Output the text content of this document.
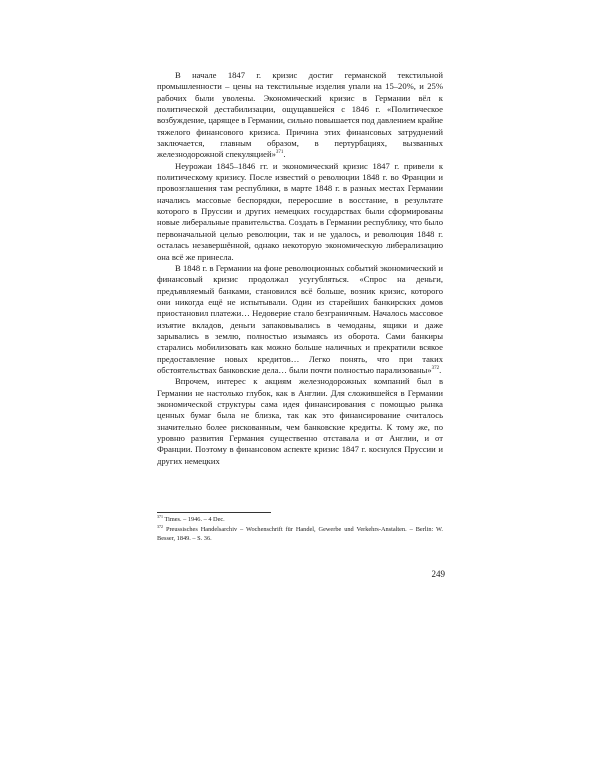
В начале 1847 г. кризис достиг германской текстильной промышленности – цены на текстильные изделия упали на 15–20%, и 25% рабочих были уволены. Экономический кризис в Германии вёл к политической дестабилизации, ощущавшейся с 1846 г. «Политическое возбуждение, царящее в Германии, сильно повышается под давлением крайне тяжелого финансового кризиса. Причина этих финансовых затруднений заключается, главным образом, в пертурбациях, вызванных железнодорожной спекуляцией»$^{371}$.

Неурожаи 1845–1846 гг. и экономический кризис 1847 г. привели к политическому кризису. После известий о революции 1848 г. во Франции и провозглашения там республики, в марте 1848 г. в разных местах Германии начались массовые беспорядки, переросшие в восстание, в результате которого в Пруссии и других немецких государствах были сформированы новые либеральные правительства. Создать в Германии республику, что было первоначальной целью революции, так и не удалось, и революция 1848 г. осталась незавершённой, однако некоторую экономическую либерализацию она всё же принесла.

В 1848 г. в Германии на фоне революционных событий экономический и финансовый кризис продолжал усугубляться. «Спрос на деньги, предъявляемый банками, становился всё больше, возник кризис, которого они никогда ещё не испытывали. Один из старейших банкирских домов приостановил платежи… Недоверие стало безграничным. Началось массовое изъятие вкладов, деньги запаковывались в чемоданы, ящики и даже зарывались в землю, полностью изымаясь из оборота. Сами банкиры старались мобилизовать как можно больше наличных и прекратили всякое предоставление новых кредитов… Легко понять, что при таких обстоятельствах банковские дела… были почти полностью парализованы»$^{372}$.

Впрочем, интерес к акциям железнодорожных компаний был в Германии не настолько глубок, как в Англии. Для сложившейся в Германии экономической структуры сама идея финансирования с помощью рынка ценных бумаг была не близка, так как это финансирование считалось значительно более рискованным, чем банковские кредиты. К тому же, по уровню развития Германия существенно отставала и от Англии, и от Франции. Поэтому в финансовом аспекте кризис 1847 г. коснулся Пруссии и других немецких

$^{371}$ Times. – 1946. – 4 Dec.
$^{372}$ Preussisches Handelsarchiv – Wochenschrift für Handel, Gewerbe und Verkehrs-Anstalten. – Berlin: W. Besser, 1849. – S. 36.
249
